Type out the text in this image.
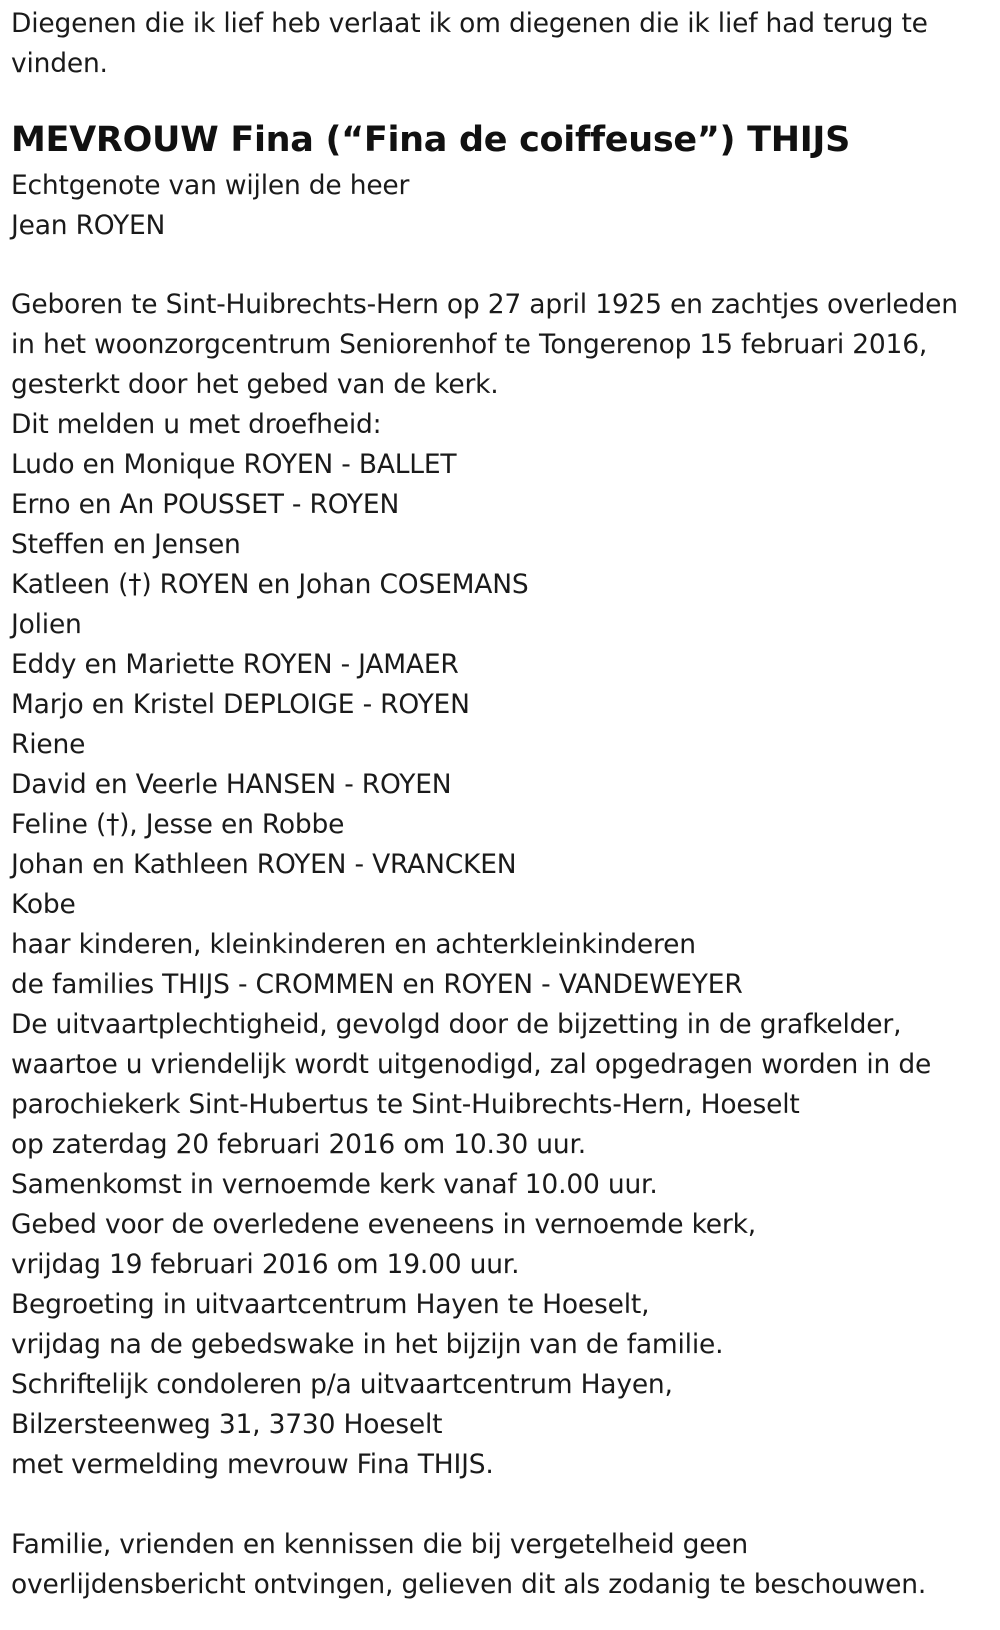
Diegenen die ik lief heb verlaat ik om diegenen die ik lief had terug te
vinden.
MEVROUW Fina (“Fina de coiffeuse”) THIJS
Echtgenote van wijlen de heer
Jean ROYEN
Geboren te Sint-Huibrechts-Hern op 27 april 1925 en zachtjes overleden
in het woonzorgcentrum Seniorenhof te Tongerenop 15 februari 2016,
gesterkt door het gebed van de kerk.
Dit melden u met droefheid:
Ludo en Monique ROYEN - BALLET
Erno en An POUSSET - ROYEN
Steffen en Jensen
Katleen (†) ROYEN en Johan COSEMANS
Jolien
Eddy en Mariette ROYEN - JAMAER
Marjo en Kristel DEPLOIGE - ROYEN
Riene
David en Veerle HANSEN - ROYEN
Feline (†), Jesse en Robbe
Johan en Kathleen ROYEN - VRANCKEN
Kobe
haar kinderen, kleinkinderen en achterkleinkinderen
de families THIJS - CROMMEN en ROYEN - VANDEWEYER
De uitvaartplechtigheid, gevolgd door de bijzetting in de grafkelder,
waartoe u vriendelijk wordt uitgenodigd, zal opgedragen worden in de
parochiekerk Sint-Hubertus te Sint-Huibrechts-Hern, Hoeselt
op zaterdag 20 februari 2016 om 10.30 uur.
Samenkomst in vernoemde kerk vanaf 10.00 uur.
Gebed voor de overledene eveneens in vernoemde kerk,
vrijdag 19 februari 2016 om 19.00 uur.
Begroeting in uitvaartcentrum Hayen te Hoeselt,
vrijdag na de gebedswake in het bijzijn van de familie.
Schriftelijk condoleren p/a uitvaartcentrum Hayen,
Bilzersteenweg 31, 3730 Hoeselt
met vermelding mevrouw Fina THIJS.
Familie, vrienden en kennissen die bij vergetelheid geen
overlijdensbericht ontvingen, gelieven dit als zodanig te beschouwen.
